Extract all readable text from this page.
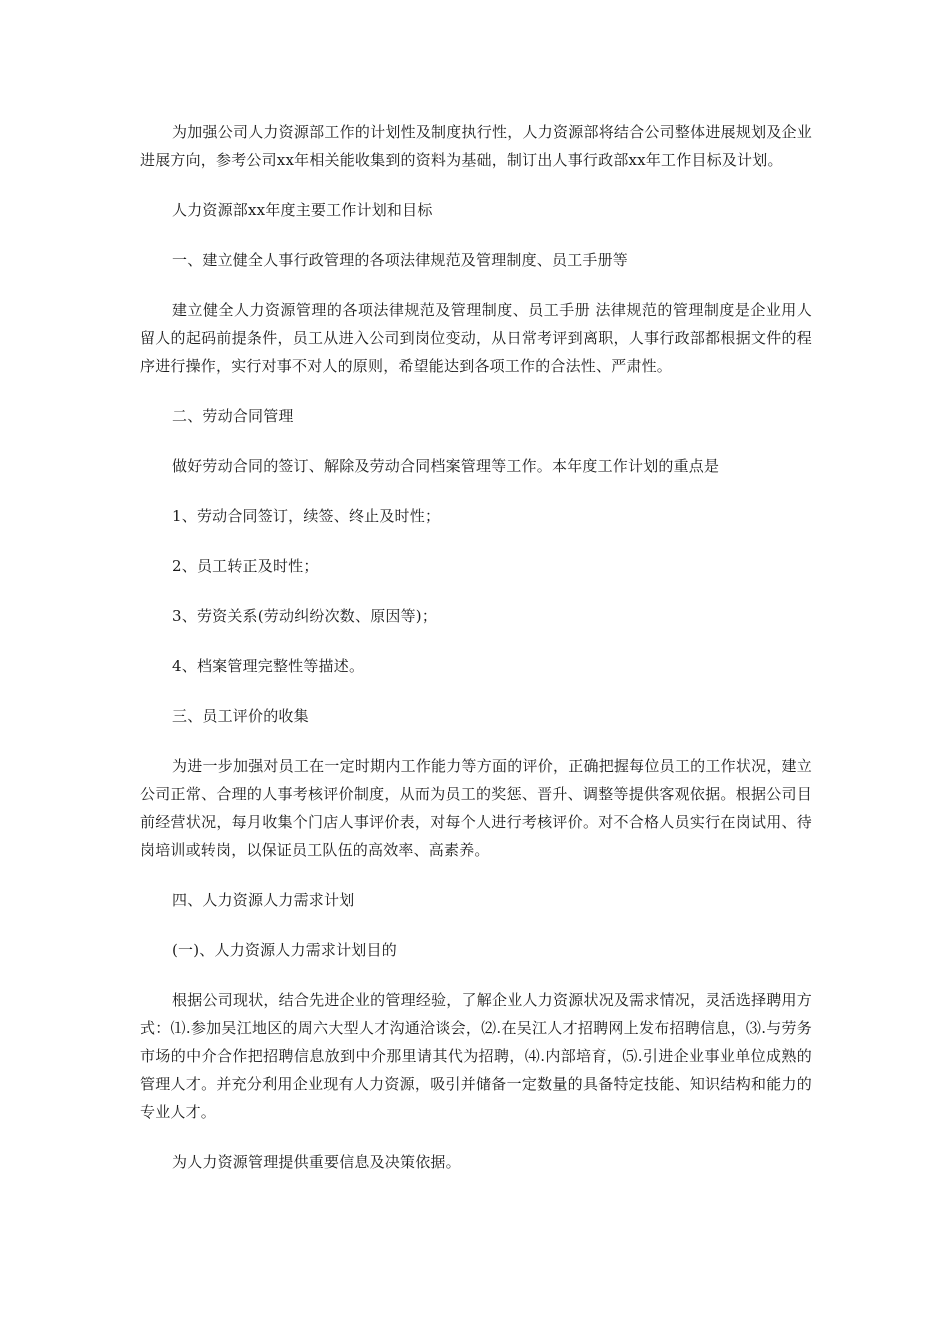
为加强公司人力资源部工作的计划性及制度执行性，人力资源部将结合公司整体进展规划及企业进展方向，参考公司xx年相关能收集到的资料为基础，制订出人事行政部xx年工作目标及计划。

人力资源部xx年度主要工作计划和目标

一、建立健全人事行政管理的各项法律规范及管理制度、员工手册等

建立健全人力资源管理的各项法律规范及管理制度、员工手册 法律规范的管理制度是企业用人留人的起码前提条件，员工从进入公司到岗位变动，从日常考评到离职，人事行政部都根据文件的程序进行操作，实行对事不对人的原则，希望能达到各项工作的合法性、严肃性。

二、劳动合同管理

做好劳动合同的签订、解除及劳动合同档案管理等工作。本年度工作计划的重点是

1、劳动合同签订，续签、终止及时性；

2、员工转正及时性；

3、劳资关系(劳动纠纷次数、原因等)；

4、档案管理完整性等描述。

三、员工评价的收集

为进一步加强对员工在一定时期内工作能力等方面的评价，正确把握每位员工的工作状况，建立公司正常、合理的人事考核评价制度，从而为员工的奖惩、晋升、调整等提供客观依据。根据公司目前经营状况，每月收集个门店人事评价表，对每个人进行考核评价。对不合格人员实行在岗试用、待岗培训或转岗，以保证员工队伍的高效率、高素养。

四、人力资源人力需求计划

(一)、人力资源人力需求计划目的

根据公司现状，结合先进企业的管理经验，了解企业人力资源状况及需求情况，灵活选择聘用方式：⑴.参加吴江地区的周六大型人才沟通洽谈会，⑵.在吴江人才招聘网上发布招聘信息，⑶.与劳务市场的中介合作把招聘信息放到中介那里请其代为招聘，⑷.内部培育，⑸.引进企业事业单位成熟的管理人才。并充分利用企业现有人力资源，吸引并储备一定数量的具备特定技能、知识结构和能力的专业人才。

为人力资源管理提供重要信息及决策依据。
